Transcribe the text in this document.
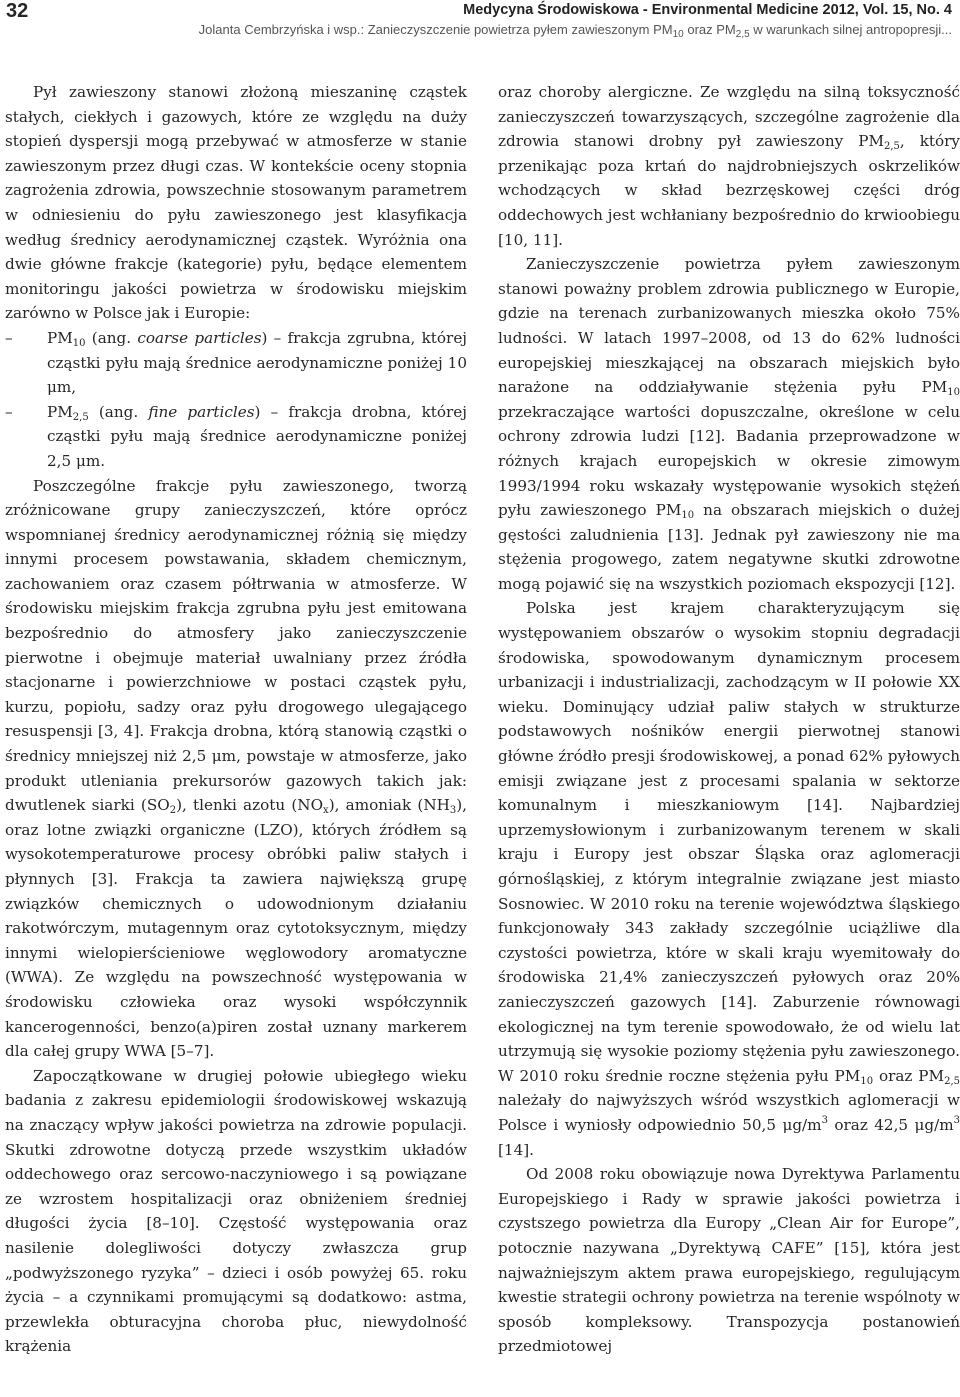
32	Medycyna Środowiskowa - Environmental Medicine 2012, Vol. 15, No. 4
Jolanta Cembrzyńska i wsp.: Zanieczyszczenie powietrza pyłem zawieszonym $PM_{10}$ oraz $PM_{2,5}$ w warunkach silnej antropopresji...

Pył zawieszony stanowi złożoną mieszaninę cząstek stałych, ciekłych i gazowych, które ze względu na duży stopień dyspersji mogą przebywać w atmosferze w stanie zawieszonym przez długi czas. W kontekście oceny stopnia zagrożenia zdrowia, powszechnie stosowanym parametrem w odniesieniu do pyłu zawieszonego jest klasyfikacja według średnicy aerodynamicznej cząstek. Wyróżnia ona dwie główne frakcje (kategorie) pyłu, będące elementem monitoringu jakości powietrza w środowisku miejskim zarówno w Polsce jak i Europie:

– $PM_{10}$ (ang. coarse particles) – frakcja zgrubna, której cząstki pyłu mają średnice aerodynamiczne poniżej 10 μm,
– $PM_{2,5}$ (ang. fine particles) – frakcja drobna, której cząstki pyłu mają średnice aerodynamiczne poniżej 2,5 μm.

Poszczególne frakcje pyłu zawieszonego, tworzą zróżnicowane grupy zanieczyszczeń, które oprócz wspomnianej średnicy aerodynamicznej różnią się między innymi procesem powstawania, składem chemicznym, zachowaniem oraz czasem półtrwania w atmosferze. W środowisku miejskim frakcja zgrubna pyłu jest emitowana bezpośrednio do atmosfery jako zanieczyszczenie pierwotne i obejmuje materiał uwalniany przez źródła stacjonarne i powierzchniowe w postaci cząstek pyłu, kurzu, popiołu, sadzy oraz pyłu drogowego ulegającego resuspensji [3, 4]. Frakcja drobna, którą stanowią cząstki o średnicy mniejszej niż 2,5 μm, powstaje w atmosferze, jako produkt utleniania prekursorów gazowych takich jak: dwutlenek siarki $(SO_2)$, tlenki azotu $(NO_x)$, amoniak $(NH_3)$, oraz lotne związki organiczne (LZO), których źródłem są wysokotemperaturowe procesy obróbki paliw stałych i płynnych [3]. Frakcja ta zawiera największą grupę związków chemicznych o udowodnionym działaniu rakotwórczym, mutagennym oraz cytotoksycznym, między innymi wielopierścieniowe węglowodory aromatyczne (WWA). Ze względu na powszechność występowania w środowisku człowieka oraz wysoki współczynnik kancerogenności, benzo(a)piren został uznany markerem dla całej grupy WWA [5–7].

Zapoczątkowane w drugiej połowie ubiegłego wieku badania z zakresu epidemiologii środowiskowej wskazują na znaczący wpływ jakości powietrza na zdrowie populacji. Skutki zdrowotne dotyczą przede wszystkim układów oddechowego oraz sercowo-naczyniowego i są powiązane ze wzrostem hospitalizacji oraz obniżeniem średniej długości życia [8–10]. Częstość występowania oraz nasilenie dolegliwości dotyczy zwłaszcza grup „podwyższonego ryzyka” – dzieci i osób powyżej 65. roku życia – a czynnikami promującymi są dodatkowo: astma, przewlekła obturacyjna choroba płuc, niewydolność krążenia

oraz choroby alergiczne. Ze względu na silną toksyczność zanieczyszczeń towarzyszących, szczególne zagrożenie dla zdrowia stanowi drobny pył zawieszony $PM_{2,5}$, który przenikając poza krtań do najdrobniejszych oskrzelików wchodzących w skład bezrzęskowej części dróg oddechowych jest wchłaniany bezpośrednio do krwioobiegu [10, 11].

Zanieczyszczenie powietrza pyłem zawieszonym stanowi poważny problem zdrowia publicznego w Europie, gdzie na terenach zurbanizowanych mieszka około 75% ludności. W latach 1997–2008, od 13 do 62% ludności europejskiej mieszkającej na obszarach miejskich było narażone na oddziaływanie stężenia pyłu $PM_{10}$ przekraczające wartości dopuszczalne, określone w celu ochrony zdrowia ludzi [12]. Badania przeprowadzone w różnych krajach europejskich w okresie zimowym 1993/1994 roku wskazały występowanie wysokich stężeń pyłu zawieszonego $PM_{10}$ na obszarach miejskich o dużej gęstości zaludnienia [13]. Jednak pył zawieszony nie ma stężenia progowego, zatem negatywne skutki zdrowotne mogą pojawić się na wszystkich poziomach ekspozycji [12].

Polska jest krajem charakteryzującym się występowaniem obszarów o wysokim stopniu degradacji środowiska, spowodowanym dynamicznym procesem urbanizacji i industrializacji, zachodzącym w II połowie XX wieku. Dominujący udział paliw stałych w strukturze podstawowych nośników energii pierwotnej stanowi główne źródło presji środowiskowej, a ponad 62% pyłowych emisji związane jest z procesami spalania w sektorze komunalnym i mieszkaniowym [14]. Najbardziej uprzemysłowionym i zurbanizowanym terenem w skali kraju i Europy jest obszar Śląska oraz aglomeracji górnośląskiej, z którym integralnie związane jest miasto Sosnowiec. W 2010 roku na terenie województwa śląskiego funkcjonowały 343 zakłady szczególnie uciążliwe dla czystości powietrza, które w skali kraju wyemitowały do środowiska 21,4% zanieczyszczeń pyłowych oraz 20% zanieczyszczeń gazowych [14]. Zaburzenie równowagi ekologicznej na tym terenie spowodowało, że od wielu lat utrzymują się wysokie poziomy stężenia pyłu zawieszonego. W 2010 roku średnie roczne stężenia pyłu $PM_{10}$ oraz $PM_{2,5}$ należały do najwyższych wśród wszystkich aglomeracji w Polsce i wyniosły odpowiednio 50,5 $\mu g/m^3$ oraz 42,5 $\mu g/m^3$ [14].

Od 2008 roku obowiązuje nowa Dyrektywa Parlamentu Europejskiego i Rady w sprawie jakości powietrza i czystszego powietrza dla Europy „Clean Air for Europe”, potocznie nazywana „Dyrektywą CAFE” [15], która jest najważniejszym aktem prawa europejskiego, regulującym kwestie strategii ochrony powietrza na terenie wspólnoty w sposób kompleksowy. Transpozycja postanowień przedmiotowej
